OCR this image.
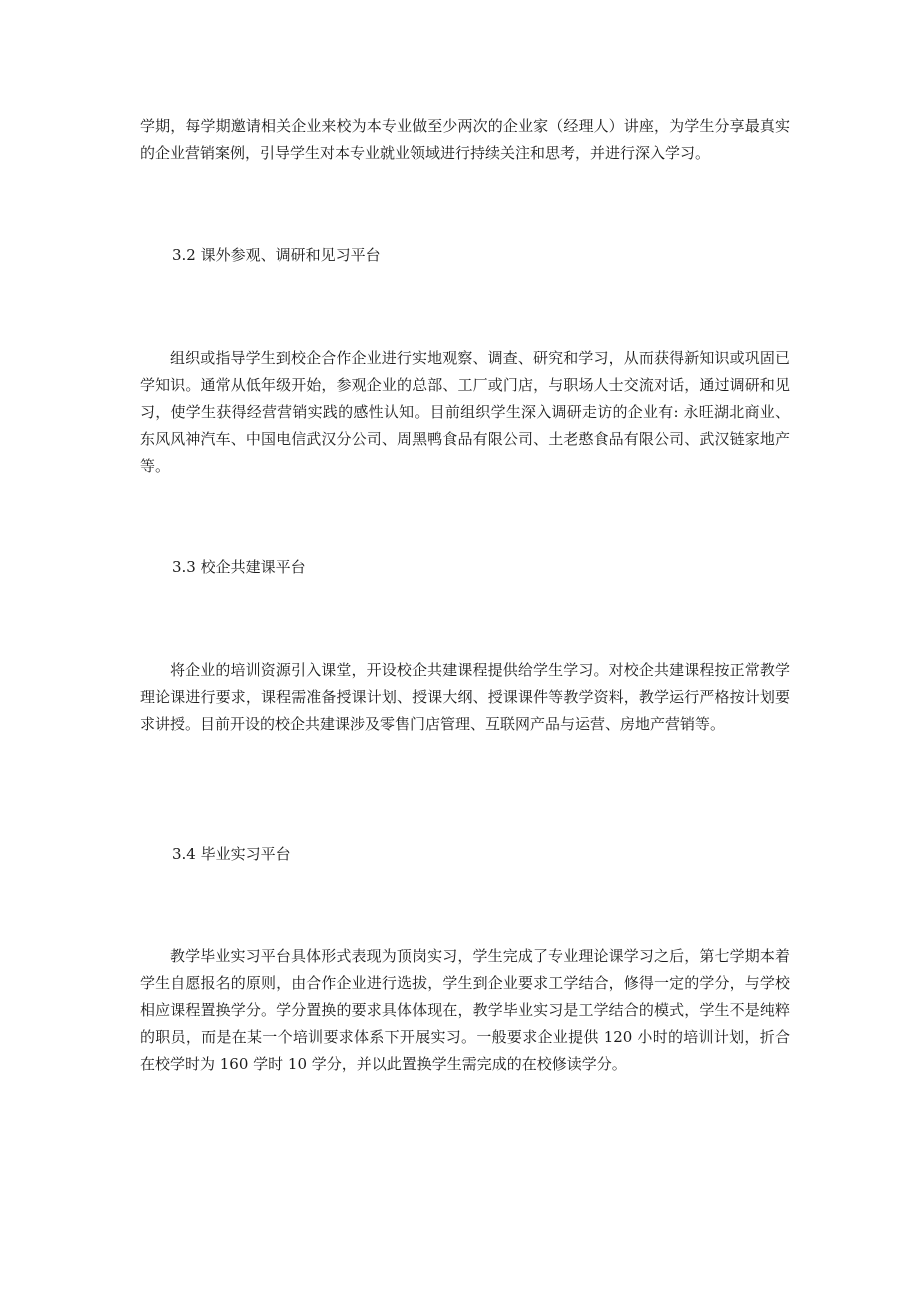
学期，每学期邀请相关企业来校为本专业做至少两次的企业家（经理人）讲座，为学生分享最真实的企业营销案例，引导学生对本专业就业领域进行持续关注和思考，并进行深入学习。

3.2 课外参观、调研和见习平台

组织或指导学生到校企合作企业进行实地观察、调查、研究和学习，从而获得新知识或巩固已学知识。通常从低年级开始，参观企业的总部、工厂或门店，与职场人士交流对话，通过调研和见习，使学生获得经营营销实践的感性认知。目前组织学生深入调研走访的企业有: 永旺湖北商业、东风风神汽车、中国电信武汉分公司、周黑鸭食品有限公司、土老憨食品有限公司、武汉链家地产等。

3.3 校企共建课平台

将企业的培训资源引入课堂，开设校企共建课程提供给学生学习。对校企共建课程按正常教学理论课进行要求，课程需准备授课计划、授课大纲、授课课件等教学资料，教学运行严格按计划要求讲授。目前开设的校企共建课涉及零售门店管理、互联网产品与运营、房地产营销等。

3.4 毕业实习平台

教学毕业实习平台具体形式表现为顶岗实习，学生完成了专业理论课学习之后，第七学期本着学生自愿报名的原则，由合作企业进行选拔，学生到企业要求工学结合，修得一定的学分，与学校相应课程置换学分。学分置换的要求具体体现在，教学毕业实习是工学结合的模式，学生不是纯粹的职员，而是在某一个培训要求体系下开展实习。一般要求企业提供 120 小时的培训计划，折合在校学时为 160 学时 10 学分，并以此置换学生需完成的在校修读学分。
